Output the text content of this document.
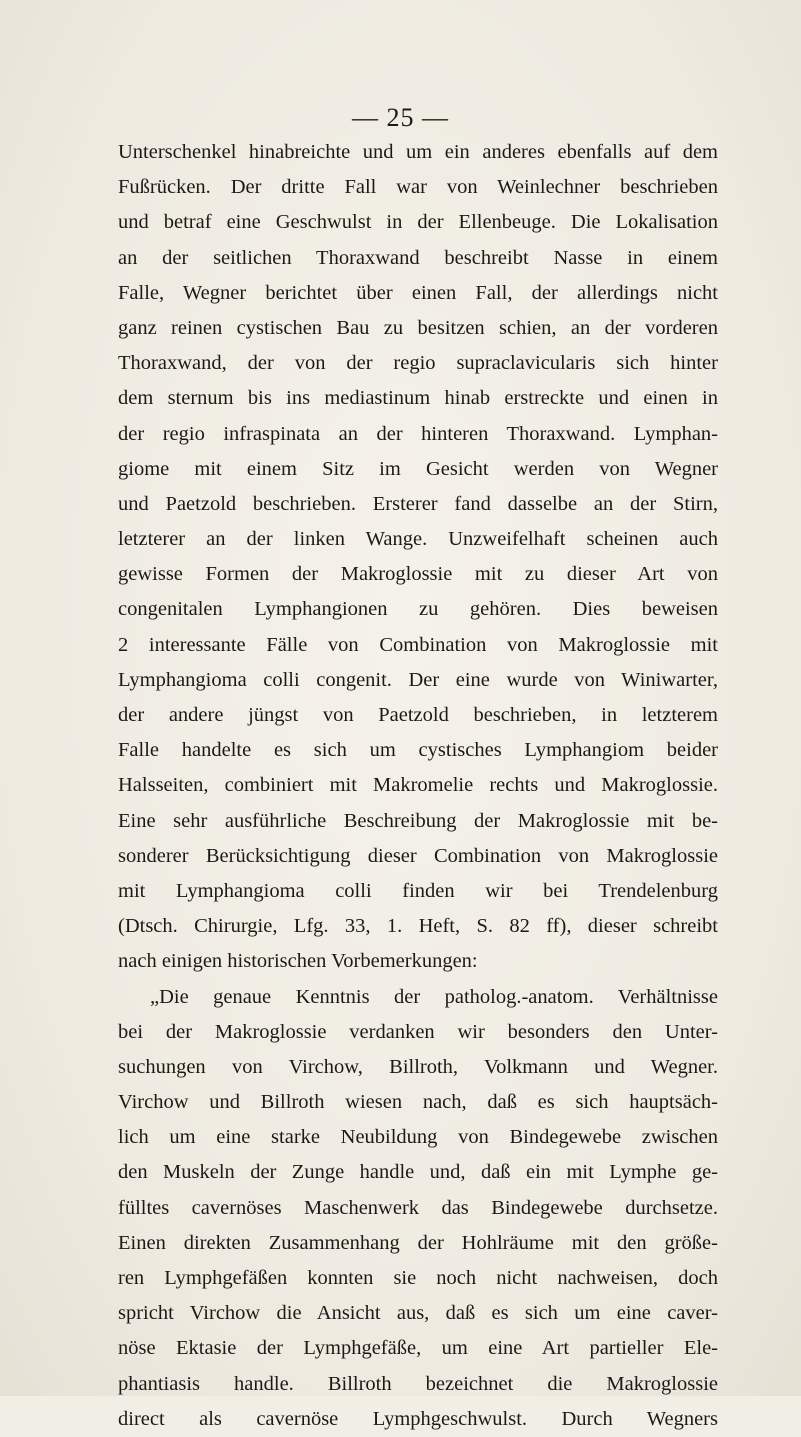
— 25 —
Unterschenkel hinabreichte und um ein anderes ebenfalls auf dem
Fußrücken. Der dritte Fall war von Weinlechner beschrieben
und betraf eine Geschwulst in der Ellenbeuge. Die Lokalisation
an der seitlichen Thoraxwand beschreibt Nasse in einem
Falle, Wegner berichtet über einen Fall, der allerdings nicht
ganz reinen cystischen Bau zu besitzen schien, an der vorderen
Thoraxwand, der von der regio supraclavicularis sich hinter
dem sternum bis ins mediastinum hinab erstreckte und einen in
der regio infraspinata an der hinteren Thoraxwand. Lymphan-
giome mit einem Sitz im Gesicht werden von Wegner
und Paetzold beschrieben. Ersterer fand dasselbe an der Stirn,
letzterer an der linken Wange. Unzweifelhaft scheinen auch
gewisse Formen der Makroglossie mit zu dieser Art von
congenitalen Lymphangionen zu gehören. Dies beweisen
2 interessante Fälle von Combination von Makroglossie mit
Lymphangioma colli congenit. Der eine wurde von Winiwarter,
der andere jüngst von Paetzold beschrieben, in letzterem
Falle handelte es sich um cystisches Lymphangiom beider
Halsseiten, combiniert mit Makromelie rechts und Makroglossie.
Eine sehr ausführliche Beschreibung der Makroglossie mit be-
sonderer Berücksichtigung dieser Combination von Makroglossie
mit Lymphangioma colli finden wir bei Trendelenburg
(Dtsch. Chirurgie, Lfg. 33, 1. Heft, S. 82 ff), dieser schreibt
nach einigen historischen Vorbemerkungen:
„Die genaue Kenntnis der patholog.-anatom. Verhältnisse
bei der Makroglossie verdanken wir besonders den Unter-
suchungen von Virchow, Billroth, Volkmann und Wegner.
Virchow und Billroth wiesen nach, daß es sich hauptsäch-
lich um eine starke Neubildung von Bindegewebe zwischen
den Muskeln der Zunge handle und, daß ein mit Lymphe ge-
fülltes cavernöses Maschenwerk das Bindegewebe durchsetze.
Einen direkten Zusammenhang der Hohlräume mit den größe-
ren Lymphgefäßen konnten sie noch nicht nachweisen, doch
spricht Virchow die Ansicht aus, daß es sich um eine caver-
nöse Ektasie der Lymphgefäße, um eine Art partieller Ele-
phantiasis handle. Billroth bezeichnet die Makroglossie
direct als cavernöse Lymphgeschwulst. Durch Wegners
